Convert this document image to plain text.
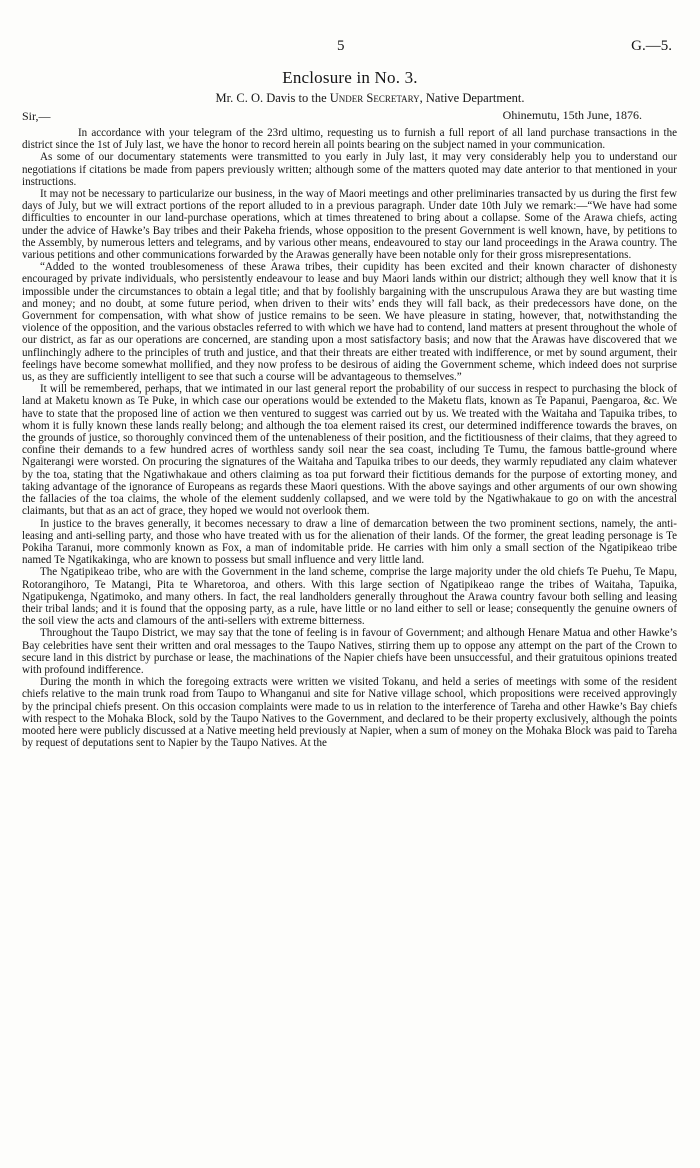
5	G.—5.
Enclosure in No. 3.
Mr. C. O. Davis to the Under Secretary, Native Department.
Sir,—	Ohinemutu, 15th June, 1876.

In accordance with your telegram of the 23rd ultimo, requesting us to furnish a full report of all land purchase transactions in the district since the 1st of July last, we have the honor to record herein all points bearing on the subject named in your communication.

As some of our documentary statements were transmitted to you early in July last, it may very considerably help you to understand our negotiations if citations be made from papers previously written; although some of the matters quoted may date anterior to that mentioned in your instructions.

It may not be necessary to particularize our business, in the way of Maori meetings and other preliminaries transacted by us during the first few days of July, but we will extract portions of the report alluded to in a previous paragraph. Under date 10th July we remark:—“We have had some difficulties to encounter in our land-purchase operations, which at times threatened to bring about a collapse. Some of the Arawa chiefs, acting under the advice of Hawke’s Bay tribes and their Pakeha friends, whose opposition to the present Government is well known, have, by petitions to the Assembly, by numerous letters and telegrams, and by various other means, endeavoured to stay our land proceedings in the Arawa country. The various petitions and other communications forwarded by the Arawas generally have been notable only for their gross misrepresentations.

“Added to the wonted troublesomeness of these Arawa tribes, their cupidity has been excited and their known character of dishonesty encouraged by private individuals, who persistently endeavour to lease and buy Maori lands within our district; although they well know that it is impossible under the circumstances to obtain a legal title; and that by foolishly bargaining with the unscrupulous Arawa they are but wasting time and money; and no doubt, at some future period, when driven to their wits’ ends they will fall back, as their predecessors have done, on the Government for compensation, with what show of justice remains to be seen. We have pleasure in stating, however, that, notwithstanding the violence of the opposition, and the various obstacles referred to with which we have had to contend, land matters at present throughout the whole of our district, as far as our operations are concerned, are standing upon a most satisfactory basis; and now that the Arawas have discovered that we unflinchingly adhere to the principles of truth and justice, and that their threats are either treated with indifference, or met by sound argument, their feelings have become somewhat mollified, and they now profess to be desirous of aiding the Government scheme, which indeed does not surprise us, as they are sufficiently intelligent to see that such a course will be advantageous to themselves.”

It will be remembered, perhaps, that we intimated in our last general report the probability of our success in respect to purchasing the block of land at Maketu known as Te Puke, in which case our operations would be extended to the Maketu flats, known as Te Papanui, Paengaroa, &c. We have to state that the proposed line of action we then ventured to suggest was carried out by us. We treated with the Waitaha and Tapuika tribes, to whom it is fully known these lands really belong; and although the toa element raised its crest, our determined indifference towards the braves, on the grounds of justice, so thoroughly convinced them of the untenableness of their position, and the fictitiousness of their claims, that they agreed to confine their demands to a few hundred acres of worthless sandy soil near the sea coast, including Te Tumu, the famous battle-ground where Ngaiterangi were worsted. On procuring the signatures of the Waitaha and Tapuika tribes to our deeds, they warmly repudiated any claim whatever by the toa, stating that the Ngatiwhakaue and others claiming as toa put forward their fictitious demands for the purpose of extorting money, and taking advantage of the ignorance of Europeans as regards these Maori questions. With the above sayings and other arguments of our own showing the fallacies of the toa claims, the whole of the element suddenly collapsed, and we were told by the Ngatiwhakaue to go on with the ancestral claimants, but that as an act of grace, they hoped we would not overlook them.

In justice to the braves generally, it becomes necessary to draw a line of demarcation between the two prominent sections, namely, the anti-leasing and anti-selling party, and those who have treated with us for the alienation of their lands. Of the former, the great leading personage is Te Pokiha Taranui, more commonly known as Fox, a man of indomitable pride. He carries with him only a small section of the Ngatipikeao tribe named Te Ngatikakinga, who are known to possess but small influence and very little land.

The Ngatipikeao tribe, who are with the Government in the land scheme, comprise the large majority under the old chiefs Te Puehu, Te Mapu, Rotorangihoro, Te Matangi, Pita te Wharetoroa, and others. With this large section of Ngatipikeao range the tribes of Waitaha, Tapuika, Ngatipukenga, Ngatimoko, and many others. In fact, the real landholders generally throughout the Arawa country favour both selling and leasing their tribal lands; and it is found that the opposing party, as a rule, have little or no land either to sell or lease; consequently the genuine owners of the soil view the acts and clamours of the anti-sellers with extreme bitterness.

Throughout the Taupo District, we may say that the tone of feeling is in favour of Government; and although Henare Matua and other Hawke’s Bay celebrities have sent their written and oral messages to the Taupo Natives, stirring them up to oppose any attempt on the part of the Crown to secure land in this district by purchase or lease, the machinations of the Napier chiefs have been unsuccessful, and their gratuitous opinions treated with profound indifference.

During the month in which the foregoing extracts were written we visited Tokanu, and held a series of meetings with some of the resident chiefs relative to the main trunk road from Taupo to Whanganui and site for Native village school, which propositions were received approvingly by the principal chiefs present. On this occasion complaints were made to us in relation to the interference of Tareha and other Hawke’s Bay chiefs with respect to the Mohaka Block, sold by the Taupo Natives to the Government, and declared to be their property exclusively, although the points mooted here were publicly discussed at a Native meeting held previously at Napier, when a sum of money on the Mohaka Block was paid to Tareha by request of deputations sent to Napier by the Taupo Natives. At the
